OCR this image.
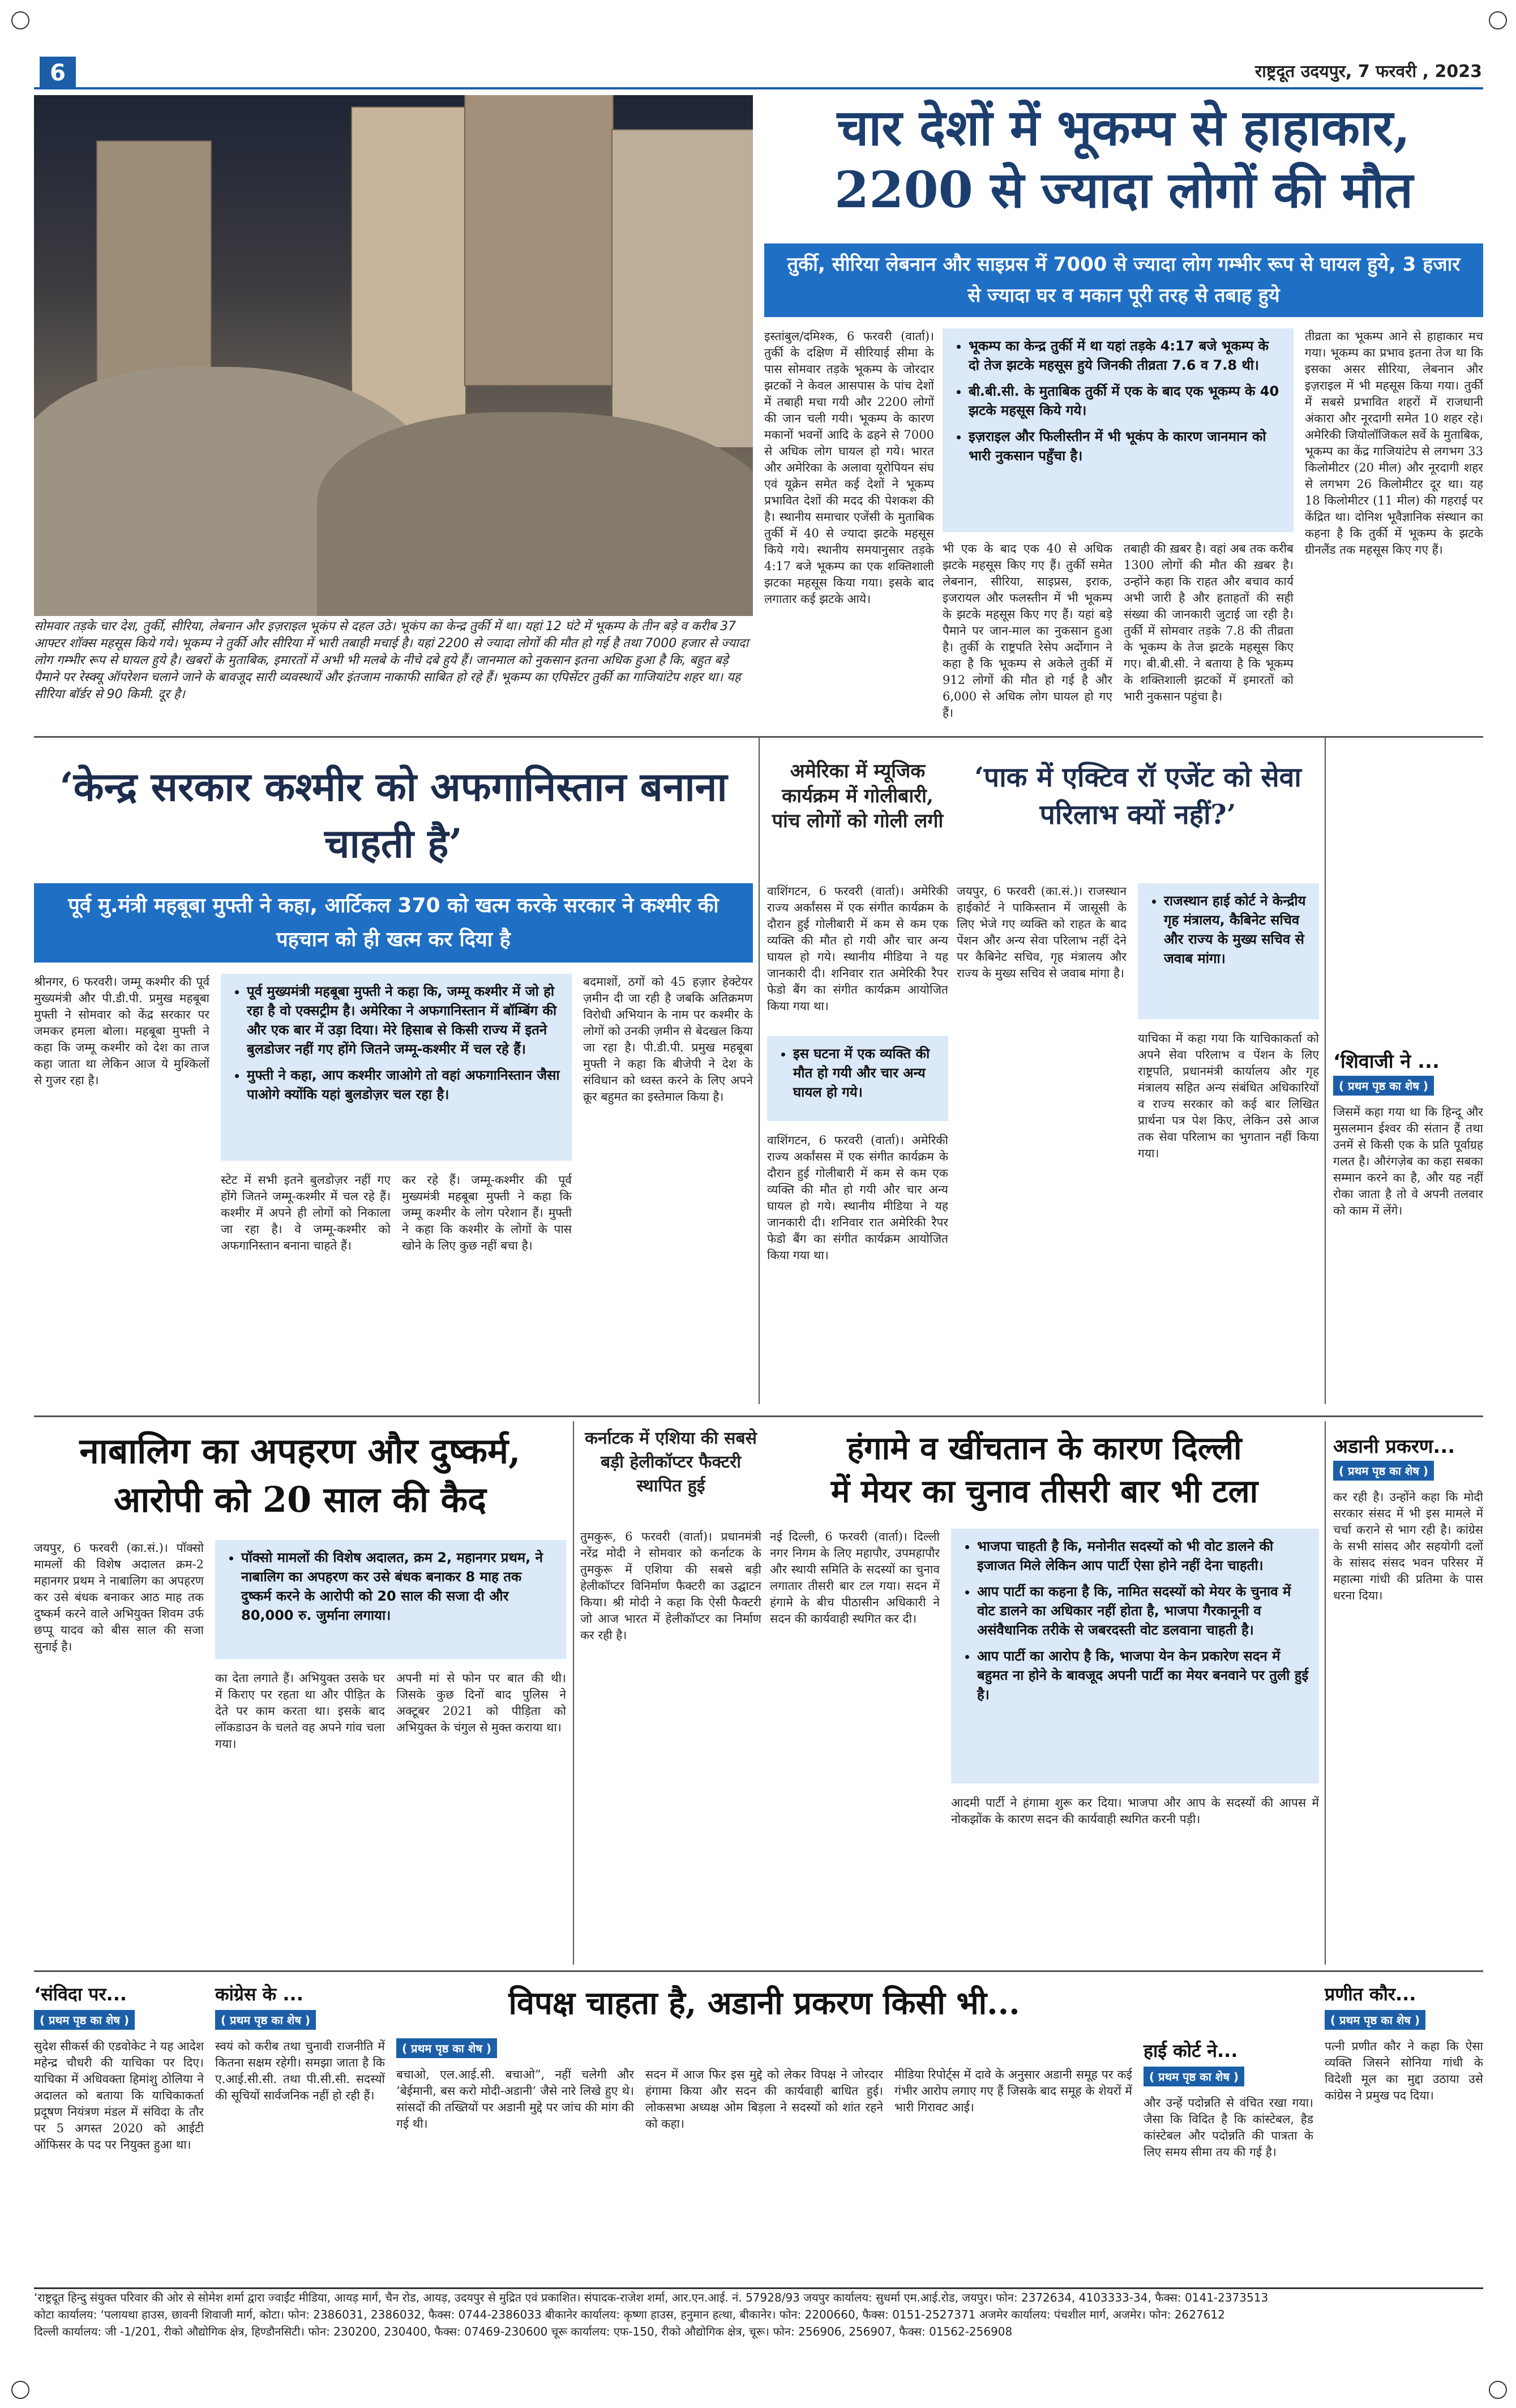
6	राष्ट्रदूत उदयपुर, 7 फरवरी , 2023
सोमवार तड़के चार देश, तुर्की, सीरिया, लेबनान और इज़राइल भूकंप से दहल उठे। भूकंप का केन्द्र तुर्की में था। यहां 12 घंटे में भूकम्प के तीन बड़े व करीब 37 आफ्टर शॉक्स महसूस किये गये। भूकम्प ने तुर्की और सीरिया में भारी तबाही मचाई है। यहां 2200 से ज्यादा लोगों की मौत हो गई है तथा 7000 हजार से ज्यादा लोग गम्भीर रूप से घायल हुये है। खबरों के मुताबिक, इमारतों में अभी भी मलबे के नीचे दबे हुये हैं। जानमाल को नुकसान इतना अधिक हुआ है कि, बहुत बड़े पैमाने पर रेस्क्यू ऑपरेशन चलाने जाने के बावजूद सारी व्यवस्थायें और इंतजाम नाकाफी साबित हो रहे हैं। भूकम्प का एपिसेंटर तुर्की का गाजियांटेप शहर था। यह सीरिया बॉर्डर से 90 किमी. दूर है।
चार देशों में भूकम्प से हाहाकार,
2200 से ज्यादा लोगों की मौत
तुर्की, सीरिया लेबनान और साइप्रस में 7000 से ज्यादा लोग गम्भीर रूप से घायल हुये, 3 हजार से ज्यादा घर व मकान पूरी तरह से तबाह हुये
इस्तांबुल/दमिश्क, 6 फरवरी (वार्ता)। तुर्की के दक्षिण में सीरियाई सीमा के पास सोमवार तड़के भूकम्प के जोरदार झटकों ने केवल आसपास के पांच देशों में तबाही मचा गयी और 2200 लोगों की जान चली गयी। भूकम्प के कारण मकानों भवनों आदि के ढहने से 7000 से अधिक लोग घायल हो गये। भारत और अमेरिका के अलावा यूरोपियन संघ एवं यूक्रेन समेत कई देशों ने भूकम्प प्रभावित देशों की मदद की पेशकश की है। स्थानीय समाचार एजेंसी के मुताबिक तुर्की में 40 से ज्यादा झटके महसूस किये गये। स्थानीय समयानुसार तड़के 4:17 बजे भूकम्प का एक शक्तिशाली झटका महसूस किया गया। इसके बाद लगातार कई झटके आये।
• भूकम्प का केन्द्र तुर्की में था यहां तड़के 4:17 बजे भूकम्प के दो तेज झटके महसूस हुये जिनकी तीव्रता 7.6 व 7.8 थी।
• बी.बी.सी. के मुताबिक तुर्की में एक के बाद एक भूकम्प के 40 झटके महसूस किये गये।
• इज़राइल और फिलीस्तीन में भी भूकंप के कारण जानमान को भारी नुकसान पहुँचा है।
भी एक के बाद एक 40 से अधिक झटके महसूस किए गए हैं। तुर्की समेत लेबनान, सीरिया, साइप्रस, इराक, इजरायल और फलस्तीन में भी भूकम्प के झटके महसूस किए गए हैं। यहां बड़े पैमाने पर जान-माल का नुकसान हुआ है। तुर्की के राष्ट्रपति रेसेप अर्दोगान ने कहा है कि भूकम्प से अकेले तुर्की में 912 लोगों की मौत हो गई है और 6,000 से अधिक लोग घायल हो गए हैं।
तबाही की ख़बर है। वहां अब तक करीब 1300 लोगों की मौत की ख़बर है। उन्होंने कहा कि राहत और बचाव कार्य अभी जारी है और हताहतों की सही संख्या की जानकारी जुटाई जा रही है। तुर्की में सोमवार तड़के 7.8 की तीव्रता के भूकम्प के तेज झटके महसूस किए गए। बी.बी.सी. ने बताया है कि भूकम्प के शक्तिशाली झटकों में इमारतों को भारी नुकसान पहुंचा है।
तीव्रता का भूकम्प आने से हाहाकार मच गया। भूकम्प का प्रभाव इतना तेज था कि इसका असर सीरिया, लेबनान और इज़राइल में भी महसूस किया गया। तुर्की में सबसे प्रभावित शहरों में राजधानी अंकारा और नूरदागी समेत 10 शहर रहे। अमेरिकी जियोलॉजिकल सर्वे के मुताबिक, भूकम्प का केंद्र गाजियांटेप से लगभग 33 किलोमीटर (20 मील) और नूरदागी शहर से लगभग 26 किलोमीटर दूर था। यह 18 किलोमीटर (11 मील) की गहराई पर केंद्रित था। दोनिश भूवैज्ञानिक संस्थान का कहना है कि तुर्की में भूकम्प के झटके ग्रीनलैंड तक महसूस किए गए हैं।
‘केन्द्र सरकार कश्मीर को अफगानिस्तान बनाना चाहती है’
पूर्व मु.मंत्री महबूबा मुफ्ती ने कहा, आर्टिकल 370 को खत्म करके सरकार ने कश्मीर की पहचान को ही खत्म कर दिया है
श्रीनगर, 6 फरवरी। जम्मू कश्मीर की पूर्व मुख्यमंत्री और पी.डी.पी. प्रमुख महबूबा मुफ्ती ने सोमवार को केंद्र सरकार पर जमकर हमला बोला। महबूबा मुफ्ती ने कहा कि जम्मू कश्मीर को देश का ताज कहा जाता था लेकिन आज ये मुश्किलों से गुजर रहा है।
• पूर्व मुख्यमंत्री महबूबा मुफ्ती ने कहा कि, जम्मू कश्मीर में जो हो रहा है वो एक्सट्रीम है। अमेरिका ने अफगानिस्तान में बॉम्बिंग की और एक बार में उड़ा दिया। मेरे हिसाब से किसी राज्य में इतने बुलडोजर नहीं गए होंगे जितने जम्मू-कश्मीर में चल रहे हैं।
• मुफ्ती ने कहा, आप कश्मीर जाओगे तो वहां अफगानिस्तान जैसा पाओगे क्योंकि यहां बुलडोज़र चल रहा है।
बदमाशों, ठगों को 45 हज़ार हेक्टेयर ज़मीन दी जा रही है जबकि अतिक्रमण विरोधी अभियान के नाम पर कश्मीर के लोगों को उनकी ज़मीन से बेदखल किया जा रहा है। पी.डी.पी. प्रमुख महबूबा मुफ्ती ने कहा कि बीजेपी ने देश के संविधान को ध्वस्त करने के लिए अपने क्रूर बहुमत का इस्तेमाल किया है।
स्टेट में सभी इतने बुलडोज़र नहीं गए होंगे जितने जम्मू-कश्मीर में चल रहे हैं। कश्मीर में अपने ही लोगों को निकाला जा रहा है। वे जम्मू-कश्मीर को अफगानिस्तान बनाना चाहते हैं।
कर रहे हैं। जम्मू-कश्मीर की पूर्व मुख्यमंत्री महबूबा मुफ्ती ने कहा कि जम्मू कश्मीर के लोग परेशान हैं। मुफ्ती ने कहा कि कश्मीर के लोगों के पास खोने के लिए कुछ नहीं बचा है।
अमेरिका में म्यूजिक कार्यक्रम में गोलीबारी, पांच लोगों को गोली लगी
वाशिंगटन, 6 फरवरी (वार्ता)। अमेरिकी राज्य अर्कांसस में एक संगीत कार्यक्रम के दौरान हुई गोलीबारी में कम से कम एक व्यक्ति की मौत हो गयी और चार अन्य घायल हो गये। स्थानीय मीडिया ने यह जानकारी दी। शनिवार रात अमेरिकी रैपर फेडो बैंग का संगीत कार्यक्रम आयोजित किया गया था।
• इस घटना में एक व्यक्ति की मौत हो गयी और चार अन्य घायल हो गये।
वाशिंगटन, 6 फरवरी (वार्ता)। अमेरिकी राज्य अर्कांसस में एक संगीत कार्यक्रम के दौरान हुई गोलीबारी में कम से कम एक व्यक्ति की मौत हो गयी और चार अन्य घायल हो गये। स्थानीय मीडिया ने यह जानकारी दी। शनिवार रात अमेरिकी रैपर फेडो बैंग का संगीत कार्यक्रम आयोजित किया गया था।
‘पाक में एक्टिव रॉ एजेंट को सेवा परिलाभ क्यों नहीं?’
जयपुर, 6 फरवरी (का.सं.)। राजस्थान हाईकोर्ट ने पाकिस्तान में जासूसी के लिए भेजे गए व्यक्ति को राहत के बाद पेंशन और अन्य सेवा परिलाभ नहीं देने पर कैबिनेट सचिव, गृह मंत्रालय और राज्य के मुख्य सचिव से जवाब मांगा है।
• राजस्थान हाई कोर्ट ने केन्द्रीय गृह मंत्रालय, कैबिनेट सचिव और राज्य के मुख्य सचिव से जवाब मांगा।
याचिका में कहा गया कि याचिकाकर्ता को अपने सेवा परिलाभ व पेंशन के लिए राष्ट्रपति, प्रधानमंत्री कार्यालय और गृह मंत्रालय सहित अन्य संबंधित अधिकारियों व राज्य सरकार को कई बार लिखित प्रार्थना पत्र पेश किए, लेकिन उसे आज तक सेवा परिलाभ का भुगतान नहीं किया गया।
‘शिवाजी ने ...
( प्रथम पृष्ठ का शेष )
जिसमें कहा गया था कि हिन्दू और मुसलमान ईश्वर की संतान हैं तथा उनमें से किसी एक के प्रति पूर्वाग्रह गलत है। औरंगज़ेब का कहा सबका सम्मान करने का है, और यह नहीं रोका जाता है तो वे अपनी तलवार को काम में लेंगे।
नाबालिग का अपहरण और दुष्कर्म,
आरोपी को 20 साल की कैद
जयपुर, 6 फरवरी (का.सं.)। पॉक्सो मामलों की विशेष अदालत क्रम-2 महानगर प्रथम ने नाबालिग का अपहरण कर उसे बंधक बनाकर आठ माह तक दुष्कर्म करने वाले अभियुक्त शिवम उर्फ छप्पू यादव को बीस साल की सजा सुनाई है।
• पॉक्सो मामलों की विशेष अदालत, क्रम 2, महानगर प्रथम, ने नाबालिग का अपहरण कर उसे बंधक बनाकर 8 माह तक दुष्कर्म करने के आरोपी को 20 साल की सजा दी और 80,000 रु. जुर्माना लगाया।
का देता लगाते हैं। अभियुक्त उसके घर में किराए पर रहता था और पीड़ित के देते पर काम करता था। इसके बाद लॉकडाउन के चलते वह अपने गांव चला गया।
अपनी मां से फोन पर बात की थी। जिसके कुछ दिनों बाद पुलिस ने अक्टूबर 2021 को पीड़िता को अभियुक्त के चंगुल से मुक्त कराया था।
कर्नाटक में एशिया की सबसे बड़ी हेलीकॉप्टर फैक्टरी स्थापित हुई
तुमकुरू, 6 फरवरी (वार्ता)। प्रधानमंत्री नरेंद्र मोदी ने सोमवार को कर्नाटक के तुमकुरू में एशिया की सबसे बड़ी हेलीकॉप्टर विनिर्माण फैक्टरी का उद्घाटन किया। श्री मोदी ने कहा कि ऐसी फैक्टरी जो आज भारत में हेलीकॉप्टर का निर्माण कर रही है।
हंगामे व खींचतान के कारण दिल्ली
में मेयर का चुनाव तीसरी बार भी टला
नई दिल्ली, 6 फरवरी (वार्ता)। दिल्ली नगर निगम के लिए महापौर, उपमहापौर और स्थायी समिति के सदस्यों का चुनाव लगातार तीसरी बार टल गया। सदन में हंगामे के बीच पीठासीन अधिकारी ने सदन की कार्यवाही स्थगित कर दी।
• भाजपा चाहती है कि, मनोनीत सदस्यों को भी वोट डालने की इजाजत मिले लेकिन आप पार्टी ऐसा होने नहीं देना चाहती।
• आप पार्टी का कहना है कि, नामित सदस्यों को मेयर के चुनाव में वोट डालने का अधिकार नहीं होता है, भाजपा गैरकानूनी व असंवैधानिक तरीके से जबरदस्ती वोट डलवाना चाहती है।
• आप पार्टी का आरोप है कि, भाजपा येन केन प्रकारेण सदन में बहुमत ना होने के बावजूद अपनी पार्टी का मेयर बनवाने पर तुली हुई है।
आदमी पार्टी ने हंगामा शुरू कर दिया। भाजपा और आप के सदस्यों की आपस में नोकझोंक के कारण सदन की कार्यवाही स्थगित करनी पड़ी।
अडानी प्रकरण...
( प्रथम पृष्ठ का शेष )
कर रही है। उन्होंने कहा कि मोदी सरकार संसद में भी इस मामले में चर्चा कराने से भाग रही है। कांग्रेस के सभी सांसद और सहयोगी दलों के सांसद संसद भवन परिसर में महात्मा गांधी की प्रतिमा के पास धरना दिया।
‘संविदा पर...
( प्रथम पृष्ठ का शेष )
सुदेश सीकर्स की एडवोकेट ने यह आदेश महेन्द्र चौधरी की याचिका पर दिए। याचिका में अधिवक्ता हिमांशु ठोलिया ने अदालत को बताया कि याचिकाकर्ता प्रदूषण नियंत्रण मंडल में संविदा के तौर पर 5 अगस्त 2020 को आईटी ऑफिसर के पद पर नियुक्त हुआ था।
कांग्रेस के ...
( प्रथम पृष्ठ का शेष )
स्वयं को करीब तथा चुनावी राजनीति में कितना सक्षम रहेगी। समझा जाता है कि ए.आई.सी.सी. तथा पी.सी.सी. सदस्यों की सूचियों सार्वजनिक नहीं हो रही हैं।
विपक्ष चाहता है, अडानी प्रकरण किसी भी...
( प्रथम पृष्ठ का शेष )
बचाओ, एल.आई.सी. बचाओ”, नहीं चलेगी और ‘बेईमानी, बस करो मोदी-अडानी’ जैसे नारे लिखे हुए थे। सांसदों की तख्तियों पर अडानी मुद्दे पर जांच की मांग की गई थी।
सदन में आज फिर इस मुद्दे को लेकर विपक्ष ने जोरदार हंगामा किया और सदन की कार्यवाही बाधित हुई। लोकसभा अध्यक्ष ओम बिड़ला ने सदस्यों को शांत रहने को कहा।
मीडिया रिपोर्ट्स में दावे के अनुसार अडानी समूह पर कई गंभीर आरोप लगाए गए हैं जिसके बाद समूह के शेयरों में भारी गिरावट आई।
हाई कोर्ट ने...
( प्रथम पृष्ठ का शेष )
और उन्हें पदोन्नति से वंचित रखा गया। जैसा कि विदित है कि कांस्टेबल, हैड कांस्टेबल और पदोन्नति की पात्रता के लिए समय सीमा तय की गई है।
प्रणीत कौर...
( प्रथम पृष्ठ का शेष )
पत्नी प्रणीत कौर ने कहा कि ऐसा व्यक्ति जिसने सोनिया गांधी के विदेशी मूल का मुद्दा उठाया उसे कांग्रेस ने प्रमुख पद दिया।
‘राष्ट्रदूत हिन्दु संयुक्त परिवार की ओर से सोमेश शर्मा द्वारा ज्वाईंट मीडिया, आयड़ मार्ग, चैन रोड, आयड़, उदयपुर से मुद्रित एवं प्रकाशित। संपादक-राजेश शर्मा, आर.एन.आई. नं. 57928/93 जयपुर कार्यालय: सुधर्मा एम.आई.रोड, जयपुर। फोन: 2372634, 4103333-34, फैक्स: 0141-2373513
कोटा कार्यालय: ‘पलायथा हाउस, छावनी शिवाजी मार्ग, कोटा। फोन: 2386031, 2386032, फैक्स: 0744-2386033 बीकानेर कार्यालय: कृष्णा हाउस, हनुमान हत्था, बीकानेर। फोन: 2200660, फैक्स: 0151-2527371 अजमेर कार्यालय: पंचशील मार्ग, अजमेर। फोन: 2627612
दिल्ली कार्यालय: जी -1/201, रीको औद्योगिक क्षेत्र, हिण्डौनसिटी। फोन: 230200, 230400, फैक्स: 07469-230600 चूरू कार्यालय: एफ-150, रीको औद्योगिक क्षेत्र, चूरू। फोन: 256906, 256907, फैक्स: 01562-256908
